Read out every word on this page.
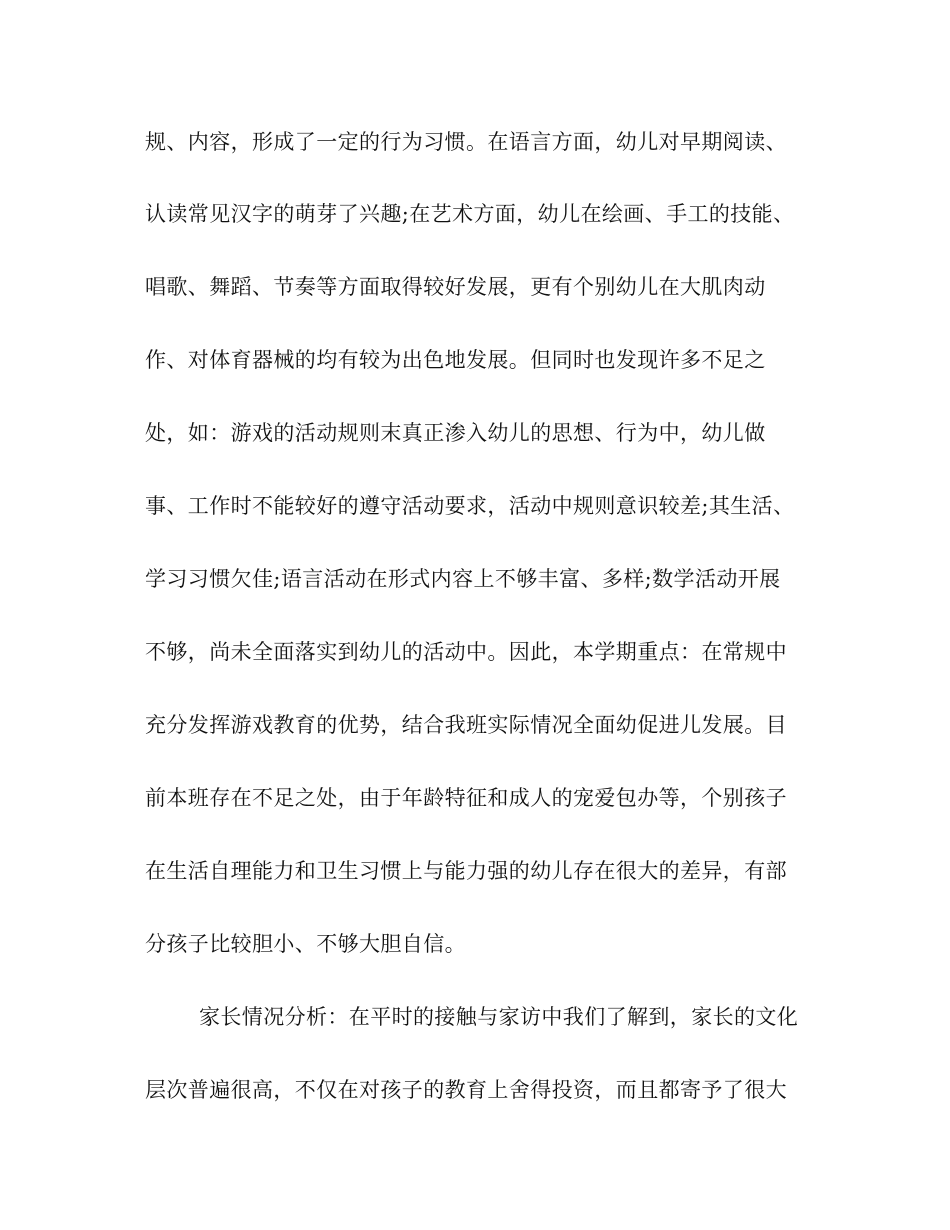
规、内容，形成了一定的行为习惯。在语言方面，幼儿对早期阅读、
认读常见汉字的萌芽了兴趣;在艺术方面，幼儿在绘画、手工的技能、
唱歌、舞蹈、节奏等方面取得较好发展，更有个别幼儿在大肌肉动
作、对体育器械的均有较为出色地发展。但同时也发现许多不足之
处，如：游戏的活动规则末真正渗入幼儿的思想、行为中，幼儿做
事、工作时不能较好的遵守活动要求，活动中规则意识较差;其生活、
学习习惯欠佳;语言活动在形式内容上不够丰富、多样;数学活动开展
不够，尚未全面落实到幼儿的活动中。因此，本学期重点：在常规中
充分发挥游戏教育的优势，结合我班实际情况全面幼促进儿发展。目
前本班存在不足之处，由于年龄特征和成人的宠爱包办等，个别孩子
在生活自理能力和卫生习惯上与能力强的幼儿存在很大的差异，有部
分孩子比较胆小、不够大胆自信。
家长情况分析：在平时的接触与家访中我们了解到，家长的文化
层次普遍很高，不仅在对孩子的教育上舍得投资，而且都寄予了很大
